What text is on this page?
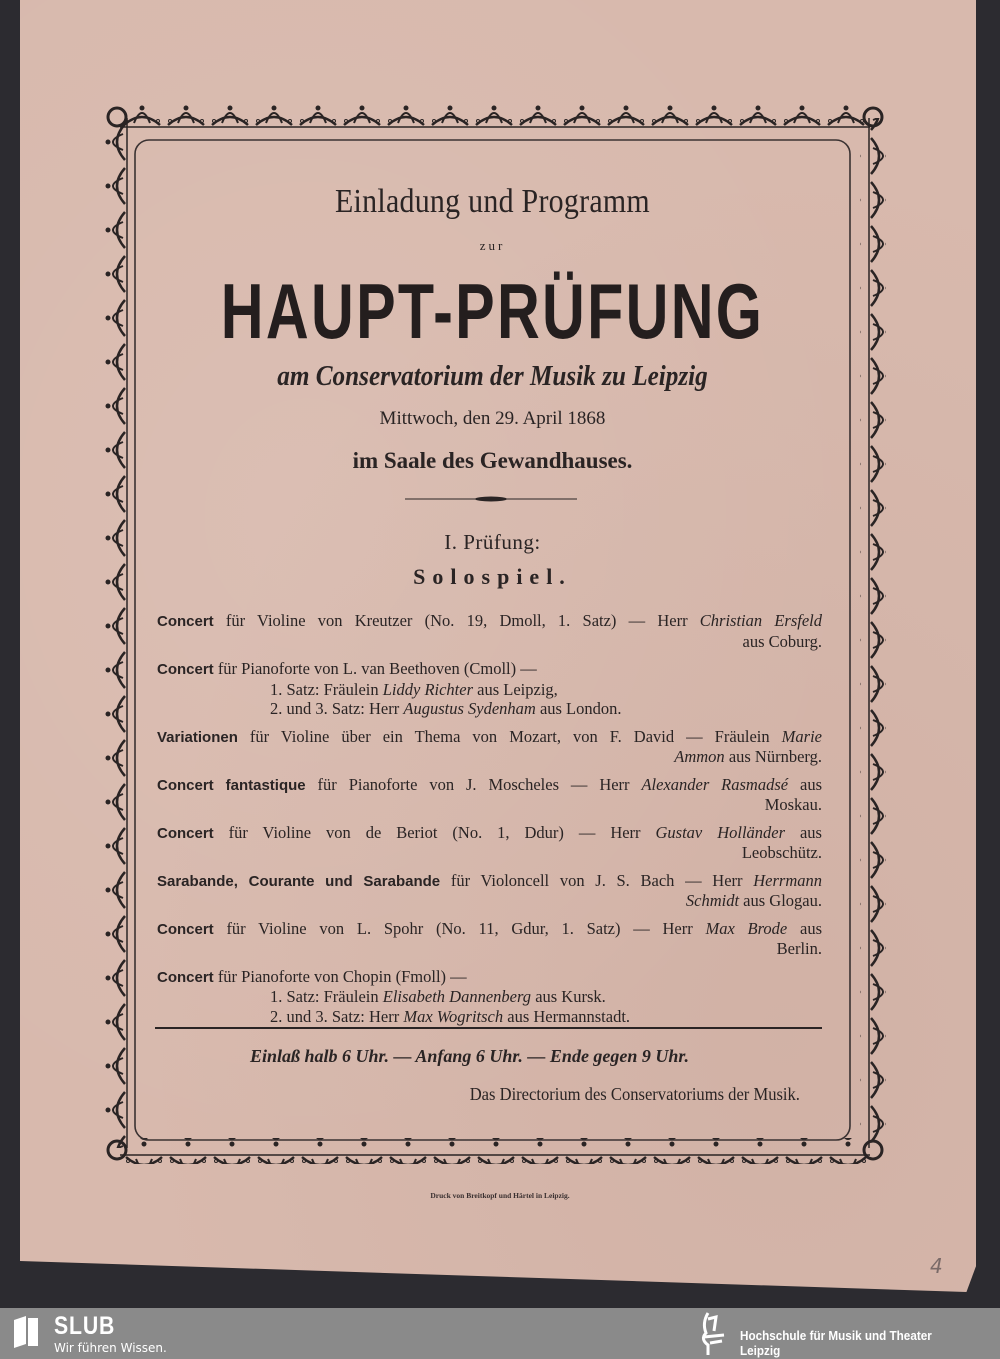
Einladung und Programm
zur
HAUPT-PRÜFUNG
am Conservatorium der Musik zu Leipzig
Mittwoch, den 29. April 1868
im Saale des Gewandhauses.
I. Prüfung:
Solospiel.
Concert für Violine von Kreutzer (No. 19, Dmoll, 1. Satz) — Herr Christian Ersfeld
aus Coburg.
Concert für Pianoforte von L. van Beethoven (Cmoll) —
1. Satz: Fräulein Liddy Richter aus Leipzig,
2. und 3. Satz: Herr Augustus Sydenham aus London.
Variationen für Violine über ein Thema von Mozart, von F. David — Fräulein Marie
Ammon aus Nürnberg.
Concert fantastique für Pianoforte von J. Moscheles — Herr Alexander Rasmadsé aus
Moskau.
Concert für Violine von de Beriot (No. 1, Ddur) — Herr Gustav Holländer aus
Leobschütz.
Sarabande, Courante und Sarabande für Violoncell von J. S. Bach — Herr Herrmann
Schmidt aus Glogau.
Concert für Violine von L. Spohr (No. 11, Gdur, 1. Satz) — Herr Max Brode aus
Berlin.
Concert für Pianoforte von Chopin (Fmoll) —
1. Satz: Fräulein Elisabeth Dannenberg aus Kursk.
2. und 3. Satz: Herr Max Wogritsch aus Hermannstadt.
Einlaß halb 6 Uhr. — Anfang 6 Uhr. — Ende gegen 9 Uhr.
Das Directorium des Conservatoriums der Musik.
Druck von Breitkopf und Härtel in Leipzig.
4
SLUB
Wir führen Wissen.
Hochschule für Musik und Theater Leipzig
